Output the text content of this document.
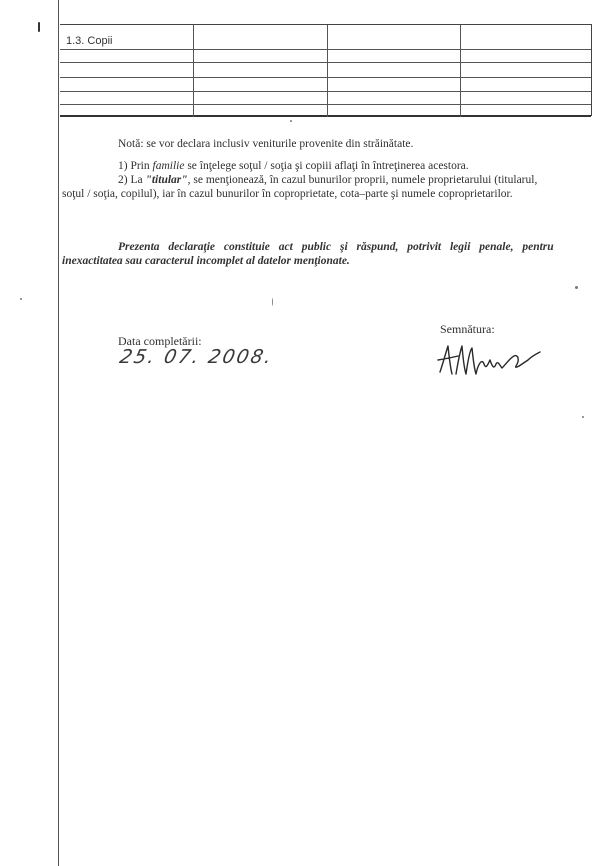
1.3. Copii
Notă: se vor declara inclusiv veniturile provenite din străinătate.
1) Prin familie se înţelege soţul / soţia şi copiii aflaţi în întreţinerea acestora.
2) La "titular", se menţionează, în cazul bunurilor proprii, numele proprietarului (titularul,
soţul / soţia, copilul), iar în cazul bunurilor în coproprietate, cota–parte şi numele coproprietarilor.
Prezenta declaraţie constituie act public şi răspund, potrivit legii penale, pentru
inexactitatea sau caracterul incomplet al datelor menţionate.
Data completării:
25. 07. 2008.
Semnătura:
